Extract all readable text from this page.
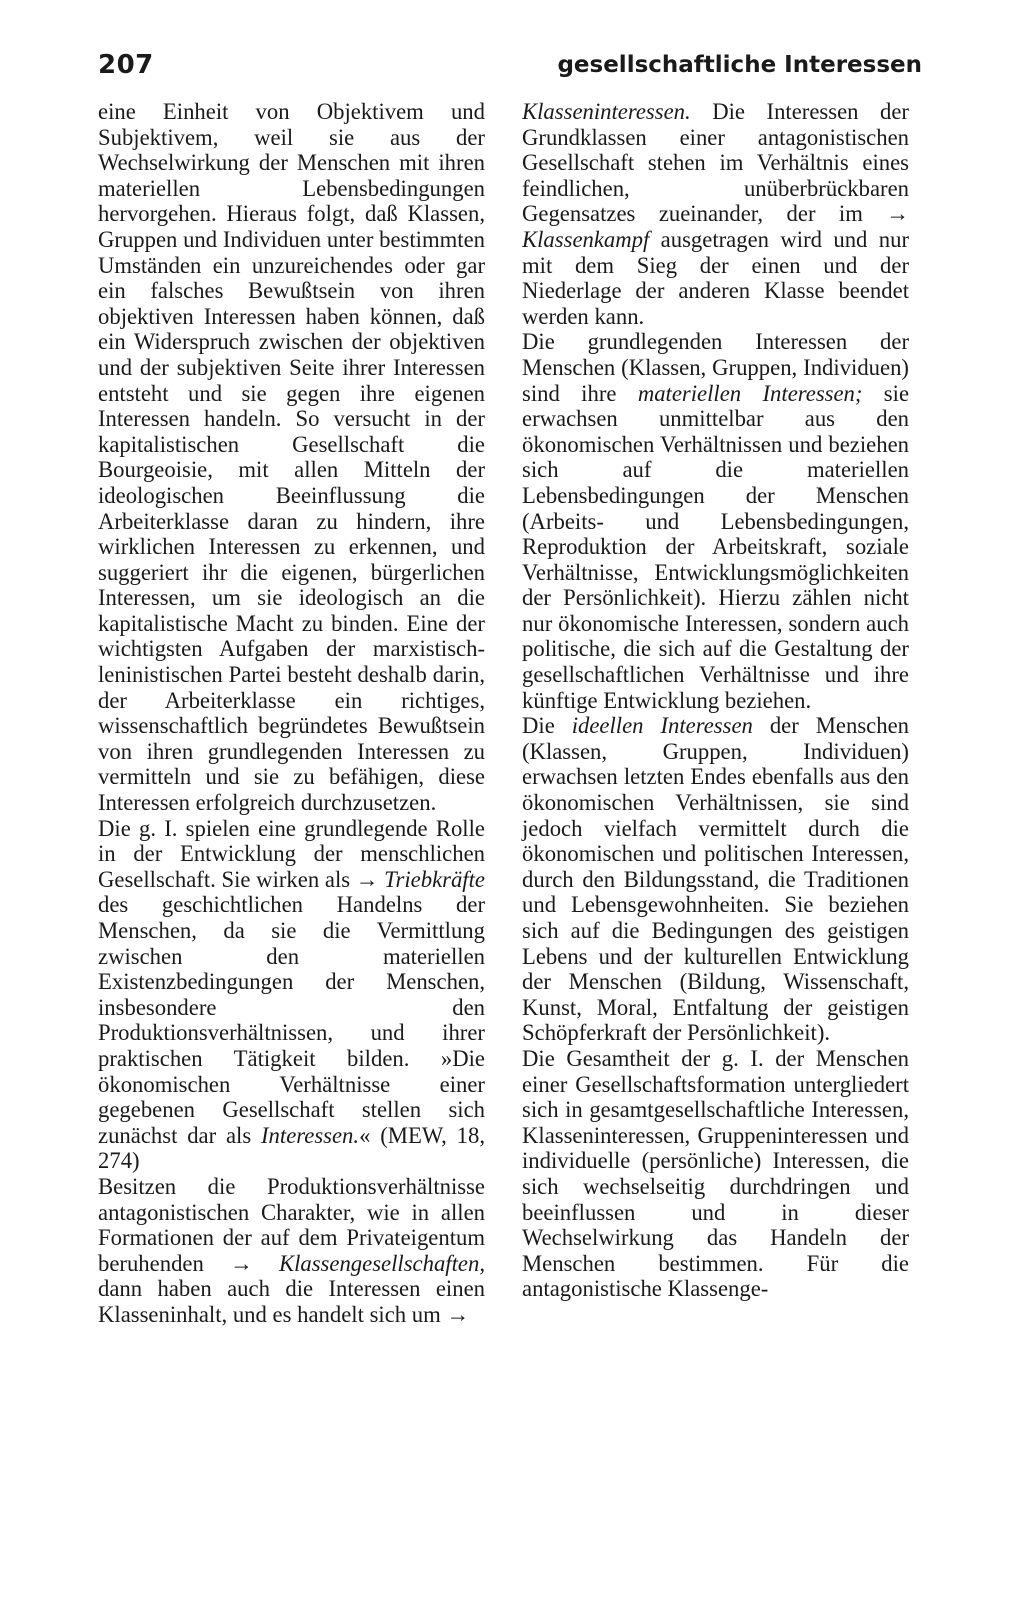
207	gesellschaftliche Interessen

eine Einheit von Objektivem und Subjektivem, weil sie aus der Wechselwirkung der Menschen mit ihren materiellen Lebensbedingungen hervorgehen. Hieraus folgt, daß Klassen, Gruppen und Individuen unter bestimmten Umständen ein unzureichendes oder gar ein falsches Bewußtsein von ihren objektiven Interessen haben können, daß ein Widerspruch zwischen der objektiven und der subjektiven Seite ihrer Interessen entsteht und sie gegen ihre eigenen Interessen handeln. So versucht in der kapitalistischen Gesellschaft die Bourgeoisie, mit allen Mitteln der ideologischen Beeinflussung die Arbeiterklasse daran zu hindern, ihre wirklichen Interessen zu erkennen, und suggeriert ihr die eigenen, bürgerlichen Interessen, um sie ideologisch an die kapitalistische Macht zu binden. Eine der wichtigsten Aufgaben der marxistisch-leninistischen Partei besteht deshalb darin, der Arbeiterklasse ein richtiges, wissenschaftlich begründetes Bewußtsein von ihren grundlegenden Interessen zu vermitteln und sie zu befähigen, diese Interessen erfolgreich durchzusetzen.

Die g. I. spielen eine grundlegende Rolle in der Entwicklung der menschlichen Gesellschaft. Sie wirken als → Triebkräfte des geschichtlichen Handelns der Menschen, da sie die Vermittlung zwischen den materiellen Existenzbedingungen der Menschen, insbesondere den Produktionsverhältnissen, und ihrer praktischen Tätigkeit bilden. »Die ökonomischen Verhältnisse einer gegebenen Gesellschaft stellen sich zunächst dar als Interessen.« (MEW, 18, 274)

Besitzen die Produktionsverhältnisse antagonistischen Charakter, wie in allen Formationen der auf dem Privateigentum beruhenden → Klassengesellschaften, dann haben auch die Interessen einen Klasseninhalt, und es handelt sich um →

Klasseninteressen. Die Interessen der Grundklassen einer antagonistischen Gesellschaft stehen im Verhältnis eines feindlichen, unüberbrückbaren Gegensatzes zueinander, der im → Klassenkampf ausgetragen wird und nur mit dem Sieg der einen und der Niederlage der anderen Klasse beendet werden kann.

Die grundlegenden Interessen der Menschen (Klassen, Gruppen, Individuen) sind ihre materiellen Interessen; sie erwachsen unmittelbar aus den ökonomischen Verhältnissen und beziehen sich auf die materiellen Lebensbedingungen der Menschen (Arbeits- und Lebensbedingungen, Reproduktion der Arbeitskraft, soziale Verhältnisse, Entwicklungsmöglichkeiten der Persönlichkeit). Hierzu zählen nicht nur ökonomische Interessen, sondern auch politische, die sich auf die Gestaltung der gesellschaftlichen Verhältnisse und ihre künftige Entwicklung beziehen.

Die ideellen Interessen der Menschen (Klassen, Gruppen, Individuen) erwachsen letzten Endes ebenfalls aus den ökonomischen Verhältnissen, sie sind jedoch vielfach vermittelt durch die ökonomischen und politischen Interessen, durch den Bildungsstand, die Traditionen und Lebensgewohnheiten. Sie beziehen sich auf die Bedingungen des geistigen Lebens und der kulturellen Entwicklung der Menschen (Bildung, Wissenschaft, Kunst, Moral, Entfaltung der geistigen Schöpferkraft der Persönlichkeit).

Die Gesamtheit der g. I. der Menschen einer Gesellschaftsformation untergliedert sich in gesamtgesellschaftliche Interessen, Klasseninteressen, Gruppeninteressen und individuelle (persönliche) Interessen, die sich wechselseitig durchdringen und beeinflussen und in dieser Wechselwirkung das Handeln der Menschen bestimmen. Für die antagonistische Klassenge-
